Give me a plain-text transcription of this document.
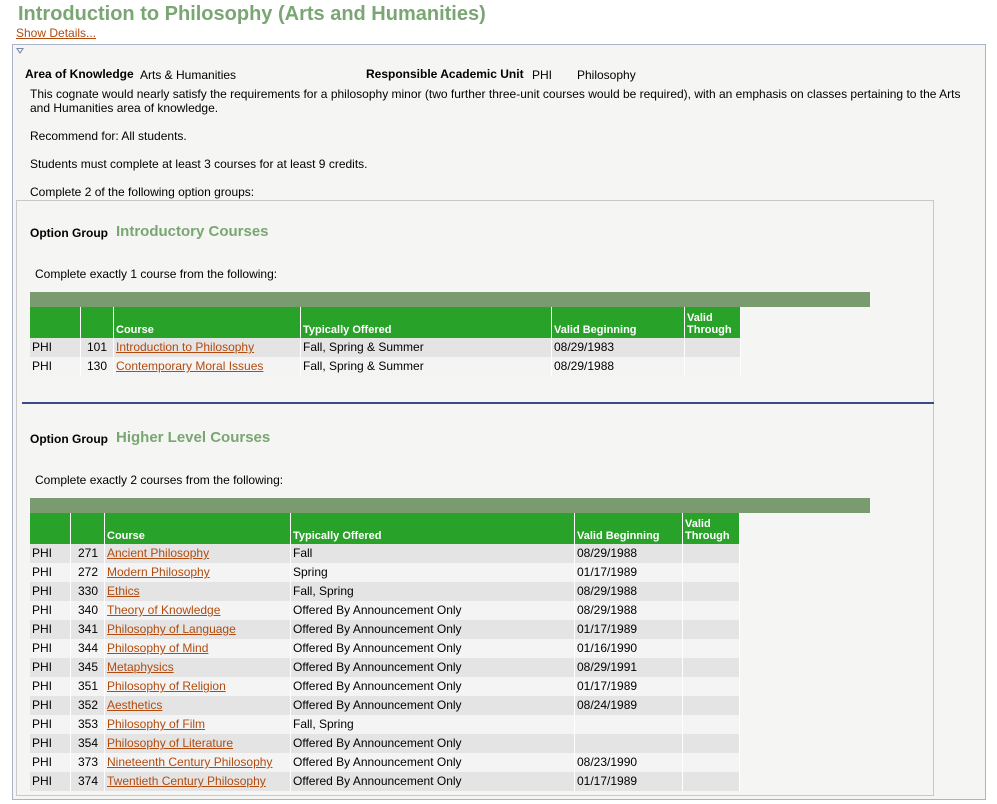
Introduction to Philosophy (Arts and Humanities)
Show Details...
Area of Knowledge Arts & Humanities	Responsible Academic Unit PHI Philosophy
This cognate would nearly satisfy the requirements for a philosophy minor (two further three-unit courses would be required), with an emphasis on classes pertaining to the Arts and Humanities area of knowledge.
Recommend for: All students.
Students must complete at least 3 courses for at least 9 credits.
Complete 2 of the following option groups:
Option Group Introductory Courses
Complete exactly 1 course from the following:
Course	Typically Offered	Valid Beginning
Valid Through
PHI	101 Introduction to Philosophy	Fall, Spring & Summer	08/29/1983
PHI	130 Contemporary Moral Issues	Fall, Spring & Summer	08/29/1988
Option Group Higher Level Courses
Complete exactly 2 courses from the following:
Course	Typically Offered	Valid Beginning
Valid Through
PHI	271 Ancient Philosophy	Fall	08/29/1988
PHI	272 Modern Philosophy	Spring	01/17/1989
PHI	330 Ethics	Fall, Spring	08/29/1988
PHI	340 Theory of Knowledge	Offered By Announcement Only	08/29/1988
PHI	341 Philosophy of Language	Offered By Announcement Only	01/17/1989
PHI	344 Philosophy of Mind	Offered By Announcement Only	01/16/1990
PHI	345 Metaphysics	Offered By Announcement Only	08/29/1991
PHI	351 Philosophy of Religion	Offered By Announcement Only	01/17/1989
PHI	352 Aesthetics	Offered By Announcement Only	08/24/1989
PHI	353 Philosophy of Film	Fall, Spring
PHI	354 Philosophy of Literature	Offered By Announcement Only
PHI	373 Nineteenth Century Philosophy	Offered By Announcement Only	08/23/1990
PHI	374 Twentieth Century Philosophy	Offered By Announcement Only	01/17/1989
